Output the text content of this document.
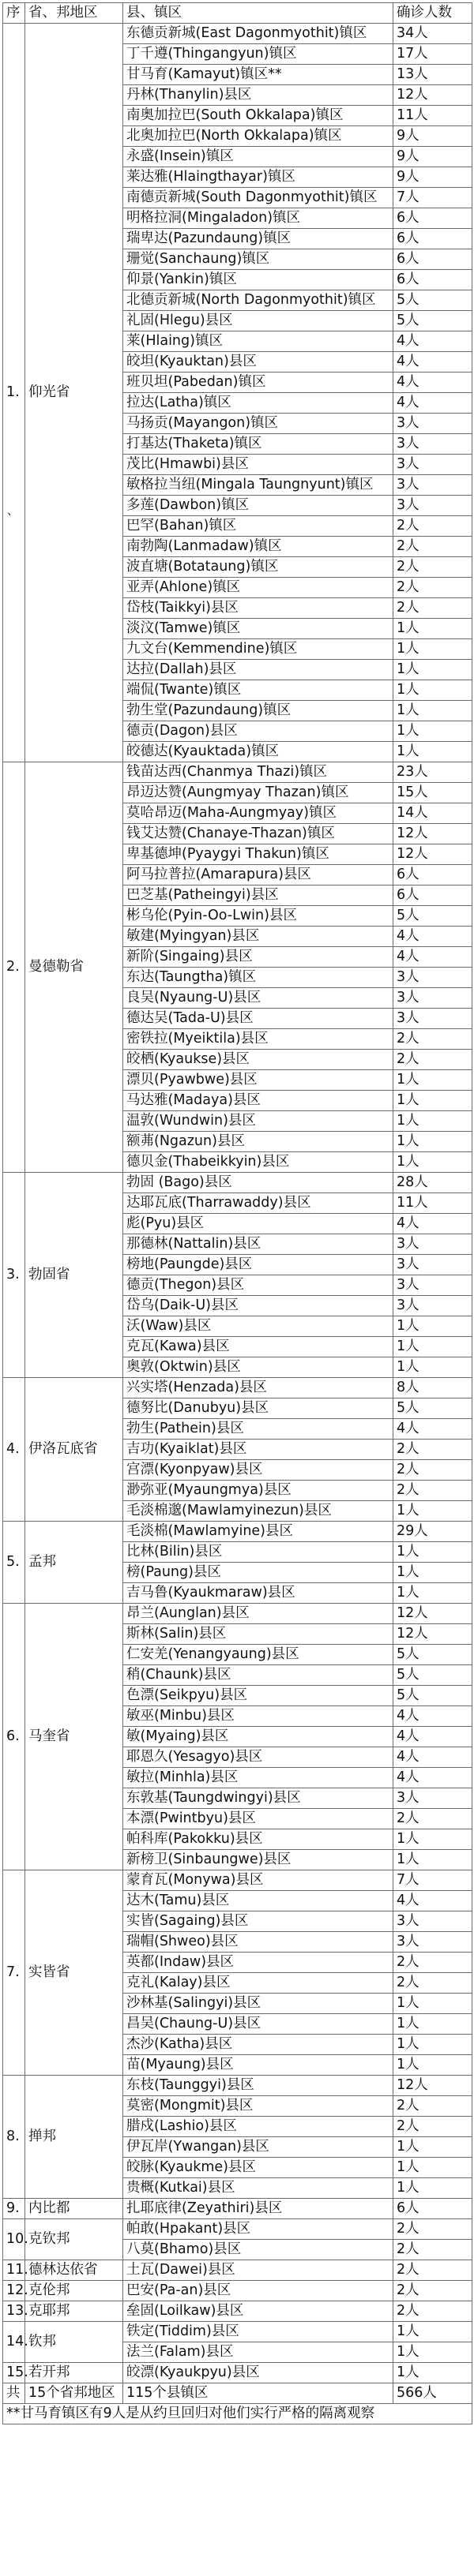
序	省、邦地区	县、镇区	确诊人数
1.	仰光省	东德贡新城(East Dagonmyothit)镇区	34人
		丁千遵(Thingangyun)镇区	17人
		甘马育(Kamayut)镇区**	13人
		丹林(Thanylin)县区	12人
		南奥加拉巴(South Okkalapa)镇区	11人
		北奥加拉巴(North Okkalapa)镇区	9人
		永盛(Insein)镇区	9人
		莱达雅(Hlaingthayar)镇区	9人
		南德贡新城(South Dagonmyothit)镇区	7人
		明格拉洞(Mingaladon)镇区	6人
		瑞卑达(Pazundaung)镇区	6人
		珊觉(Sanchaung)镇区	6人
		仰景(Yankin)镇区	6人
		北德贡新城(North Dagonmyothit)镇区	5人
		礼固(Hlegu)县区	5人
		莱(Hlaing)镇区	4人
		皎坦(Kyauktan)县区	4人
		班贝坦(Pabedan)镇区	4人
		拉达(Latha)镇区	4人
		马扬贡(Mayangon)镇区	3人
		打基达(Thaketa)镇区	3人
		茂比(Hmawbi)县区	3人
		敏格拉当纽(Mingala Taungnyunt)镇区	3人
		多莲(Dawbon)镇区	3人
		巴罕(Bahan)镇区	2人
		南勃陶(Lanmadaw)镇区	2人
		波直塘(Botataung)镇区	2人
		亚弄(Ahlone)镇区	2人
		岱枝(Taikkyi)县区	2人
		淡汶(Tamwe)镇区	1人
		九文台(Kemmendine)镇区	1人
		达拉(Dallah)县区	1人
		端侃(Twante)镇区	1人
		勃生堂(Pazundaung)镇区	1人
		德贡(Dagon)县区	1人
		皎德达(Kyauktada)镇区	1人
2.	曼德勒省	钱苗达西(Chanmya Thazi)镇区	23人
		昂迈达赞(Aungmyay Thazan)镇区	15人
		莫哈昂迈(Maha-Aungmyay)镇区	14人
		钱艾达赞(Chanaye-Thazan)镇区	12人
		卑基德坤(Pyaygyi Thakun)镇区	12人
		阿马拉普拉(Amarapura)县区	6人
		巴芝基(Patheingyi)县区	6人
		彬乌伦(Pyin-Oo-Lwin)县区	5人
		敏建(Myingyan)县区	4人
		新阶(Singaing)县区	4人
		东达(Taungtha)镇区	3人
		良吴(Nyaung-U)县区	3人
		德达吴(Tada-U)县区	3人
		密铁拉(Myeiktila)县区	2人
		皎栖(Kyaukse)县区	2人
		漂贝(Pyawbwe)县区	1人
		马达雅(Madaya)县区	1人
		温敦(Wundwin)县区	1人
		额茀(Ngazun)县区	1人
		德贝金(Thabeikkyin)县区	1人
3.	勃固省	勃固 (Bago)县区	28人
		达耶瓦底(Tharrawaddy)县区	11人
		彪(Pyu)县区	4人
		那德林(Nattalin)县区	3人
		榜地(Paungde)县区	3人
		德贡(Thegon)县区	3人
		岱乌(Daik-U)县区	3人
		沃(Waw)县区	1人
		克瓦(Kawa)县区	1人
		奥敦(Oktwin)县区	1人
4.	伊洛瓦底省	兴实塔(Henzada)县区	8人
		德努比(Danubyu)县区	5人
		勃生(Pathein)县区	4人
		吉功(Kyaiklat)县区	2人
		宫漂(Kyonpyaw)县区	2人
		渺弥亚(Myaungmya)县区	2人
		毛淡棉邈(Mawlamyinezun)县区	1人
5.	孟邦	毛淡棉(Mawlamyine)县区	29人
		比林(Bilin)县区	1人
		榜(Paung)县区	1人
		吉马鲁(Kyaukmaraw)县区	1人
6.	马奎省	昂兰(Aunglan)县区	12人
		斯林(Salin)县区	12人
		仁安羌(Yenangyaung)县区	5人
		稍(Chaunk)县区	5人
		色漂(Seikpyu)县区	5人
		敏巫(Minbu)县区	4人
		敏(Myaing)县区	4人
		耶恩久(Yesagyo)县区	4人
		敏拉(Minhla)县区	4人
		东敦基(Taungdwingyi)县区	3人
		本漂(Pwintbyu)县区	2人
		帕科库(Pakokku)县区	1人
		新榜卫(Sinbaungwe)县区	1人
7.	实皆省	蒙育瓦(Monywa)县区	7人
		达木(Tamu)县区	4人
		实皆(Sagaing)县区	3人
		瑞帽(Shweo)县区	3人
		英都(Indaw)县区	2人
		克礼(Kalay)县区	2人
		沙林基(Salingyi)县区	1人
		昌吴(Chaung-U)县区	1人
		杰沙(Katha)县区	1人
		苗(Myaung)县区	1人
8.	掸邦	东枝(Taunggyi)县区	12人
		莫密(Mongmit)县区	2人
		腊戍(Lashio)县区	2人
		伊瓦岸(Ywangan)县区	1人
		皎脉(Kyaukme)县区	1人
		贵概(Kutkai)县区	1人
9.	内比都	扎耶底律(Zeyathiri)县区	6人
10.	克钦邦	帕敢(Hpakant)县区	2人
		八莫(Bhamo)县区	2人
11.	德林达依省	土瓦(Dawei)县区	2人
12.	克伦邦	巴安(Pa-an)县区	2人
13.	克耶邦	垒固(Loilkaw)县区	2人
14.	钦邦	铁定(Tiddim)县区	1人
		法兰(Falam)县区	1人
15.	若开邦	皎漂(Kyaukpyu)县区	1人
共	15个省邦地区	115个县镇区	566人
**甘马育镇区有9人是从约旦回归对他们实行严格的隔离观察			
、
